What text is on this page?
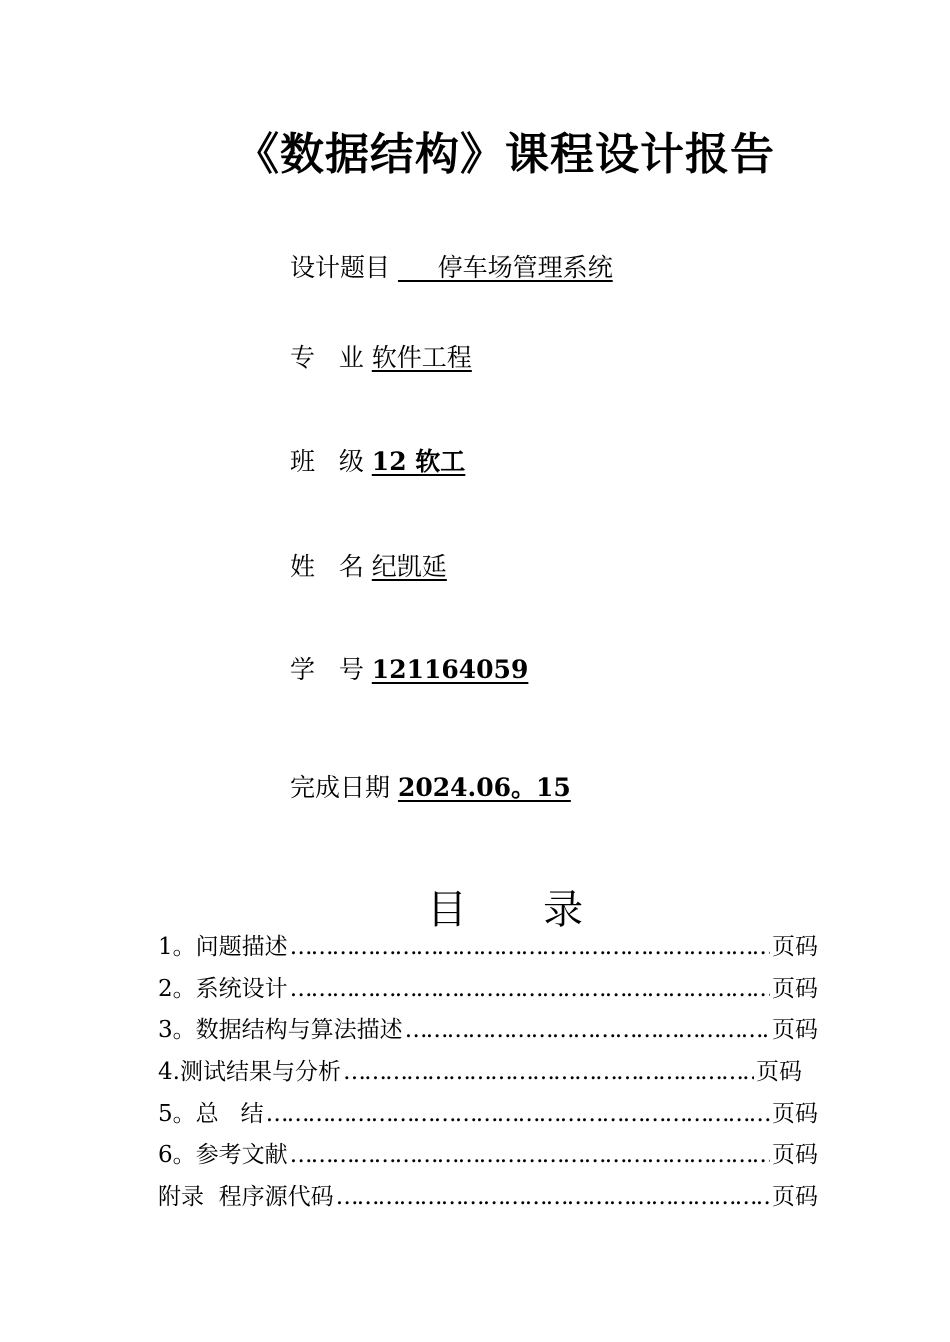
《数据结构》课程设计报告
设计题目      停车场管理系统
专   业 软件工程
班   级 12 软工
姓   名 纪凯延
学   号 121164059
完成日期 2024.06。15
目      录
1。问题描述 ……………………………………………………………………………………………………………………	页码
2。系统设计 ……………………………………………………………………………………………………………………	页码
3。数据结构与算法描述 ……………………………………………………………………………………………………………………	页码
4.测试结果与分析 ……………………………………………………………………………………………………………………	页码
5。总   结 ……………………………………………………………………………………………………………………	页码
6。参考文献 ……………………………………………………………………………………………………………………	页码
附录  程序源代码 ……………………………………………………………………………………………………………………	页码
